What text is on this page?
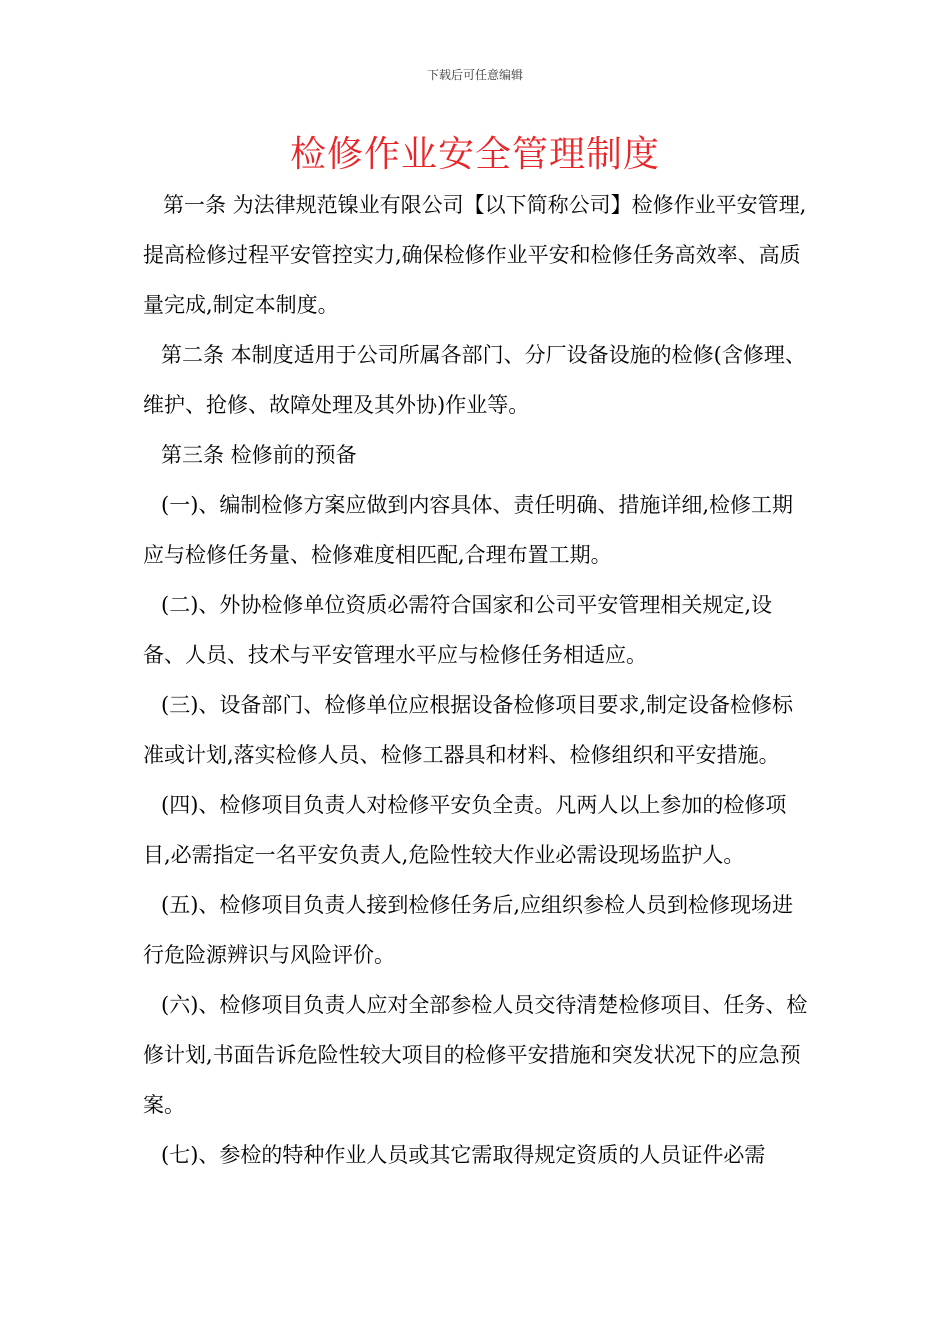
下载后可任意编辑
检修作业安全管理制度

第一条 为法律规范镍业有限公司【以下简称公司】检修作业平安管理,提高检修过程平安管控实力,确保检修作业平安和检修任务高效率、高质量完成,制定本制度。

第二条 本制度适用于公司所属各部门、分厂设备设施的检修(含修理、维护、抢修、故障处理及其外协)作业等。

第三条 检修前的预备

(一)、编制检修方案应做到内容具体、责任明确、措施详细,检修工期应与检修任务量、检修难度相匹配,合理布置工期。

(二)、外协检修单位资质必需符合国家和公司平安管理相关规定,设备、人员、技术与平安管理水平应与检修任务相适应。

(三)、设备部门、检修单位应根据设备检修项目要求,制定设备检修标准或计划,落实检修人员、检修工器具和材料、检修组织和平安措施。

(四)、检修项目负责人对检修平安负全责。凡两人以上参加的检修项目,必需指定一名平安负责人,危险性较大作业必需设现场监护人。

(五)、检修项目负责人接到检修任务后,应组织参检人员到检修现场进行危险源辨识与风险评价。

(六)、检修项目负责人应对全部参检人员交待清楚检修项目、任务、检修计划,书面告诉危险性较大项目的检修平安措施和突发状况下的应急预案。

(七)、参检的特种作业人员或其它需取得规定资质的人员证件必需
